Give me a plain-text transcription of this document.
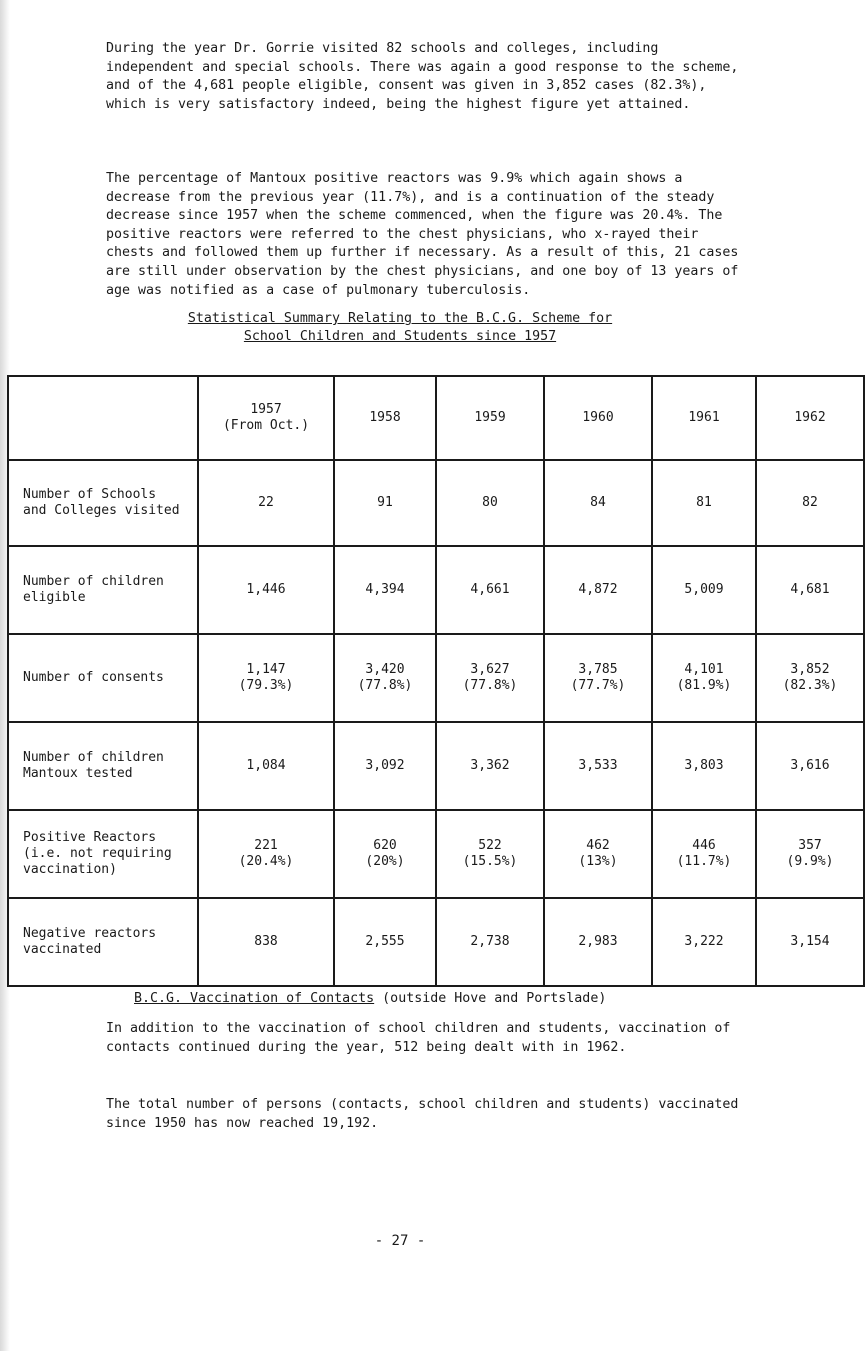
During the year Dr. Gorrie visited 82 schools and colleges, including independent and special schools. There was again a good response to the scheme, and of the 4,681 people eligible, consent was given in 3,852 cases (82.3%), which is very satisfactory indeed, being the highest figure yet attained.

The percentage of Mantoux positive reactors was 9.9% which again shows a decrease from the previous year (11.7%), and is a continuation of the steady decrease since 1957 when the scheme commenced, when the figure was 20.4%. The positive reactors were referred to the chest physicians, who x-rayed their chests and followed them up further if necessary. As a result of this, 21 cases are still under observation by the chest physicians, and one boy of 13 years of age was notified as a case of pulmonary tuberculosis.

Statistical Summary Relating to the B.C.G. Scheme for
School Children and Students since 1957

	1957
(From Oct.)	1958	1959	1960	1961	1962

Number of Schools
and Colleges visited	22	91	80	84	81	82

Number of children
eligible	1,446	4,394	4,661	4,872	5,009	4,681

Number of consents	1,147
(79.3%)	3,420
(77.8%)	3,627
(77.8%)	3,785
(77.7%)	4,101
(81.9%)	3,852
(82.3%)

Number of children
Mantoux tested	1,084	3,092	3,362	3,533	3,803	3,616

Positive Reactors
(i.e. not requiring
vaccination)	221
(20.4%)	620
(20%)	522
(15.5%)	462
(13%)	446
(11.7%)	357
(9.9%)

Negative reactors
vaccinated	838	2,555	2,738	2,983	3,222	3,154
B.C.G. Vaccination of Contacts (outside Hove and Portslade)

In addition to the vaccination of school children and students, vaccination of contacts continued during the year, 512 being dealt with in 1962.

The total number of persons (contacts, school children and students) vaccinated since 1950 has now reached 19,192.

- 27 -
